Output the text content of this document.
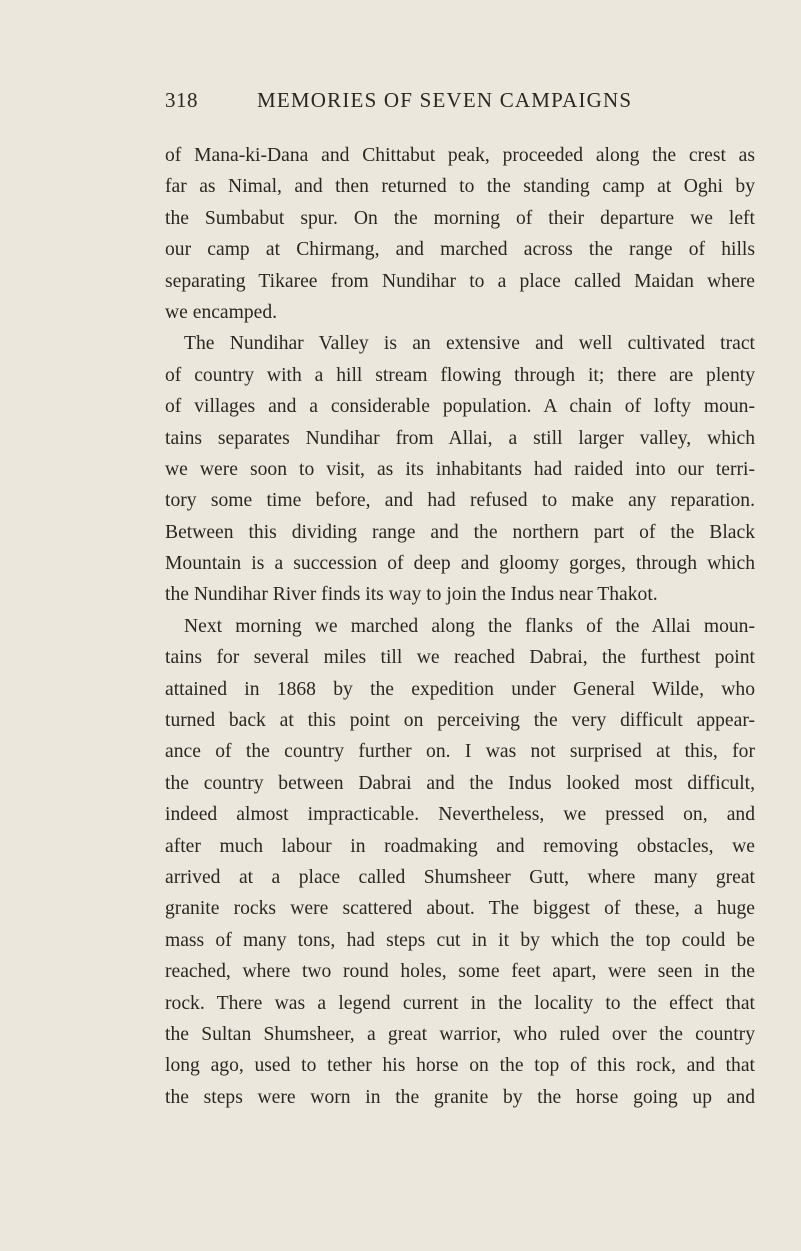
318	MEMORIES OF SEVEN CAMPAIGNS
of Mana-ki-Dana and Chittabut peak, proceeded along the crest as
far as Nimal, and then returned to the standing camp at Oghi by
the Sumbabut spur. On the morning of their departure we left
our camp at Chirmang, and marched across the range of hills
separating Tikaree from Nundihar to a place called Maidan where
we encamped.
The Nundihar Valley is an extensive and well cultivated tract
of country with a hill stream flowing through it; there are plenty
of villages and a considerable population. A chain of lofty moun-
tains separates Nundihar from Allai, a still larger valley, which
we were soon to visit, as its inhabitants had raided into our terri-
tory some time before, and had refused to make any reparation.
Between this dividing range and the northern part of the Black
Mountain is a succession of deep and gloomy gorges, through which
the Nundihar River finds its way to join the Indus near Thakot.
Next morning we marched along the flanks of the Allai moun-
tains for several miles till we reached Dabrai, the furthest point
attained in 1868 by the expedition under General Wilde, who
turned back at this point on perceiving the very difficult appear-
ance of the country further on. I was not surprised at this, for
the country between Dabrai and the Indus looked most difficult,
indeed almost impracticable. Nevertheless, we pressed on, and
after much labour in roadmaking and removing obstacles, we
arrived at a place called Shumsheer Gutt, where many great
granite rocks were scattered about. The biggest of these, a huge
mass of many tons, had steps cut in it by which the top could be
reached, where two round holes, some feet apart, were seen in the
rock. There was a legend current in the locality to the effect that
the Sultan Shumsheer, a great warrior, who ruled over the country
long ago, used to tether his horse on the top of this rock, and that
the steps were worn in the granite by the horse going up and
